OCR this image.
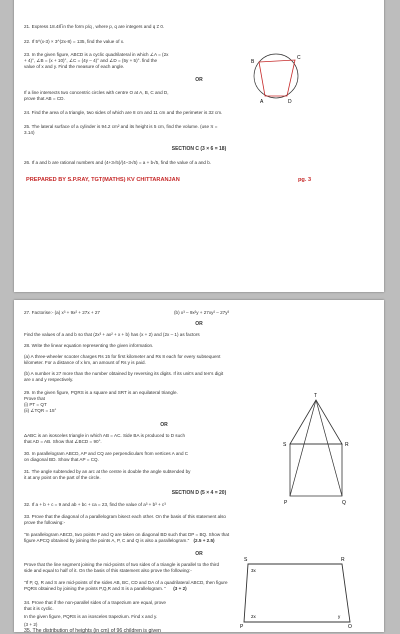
21. Express 18.48̅ in the form p/q , where p, q are integers and q ≠ 0.
22. If 5^(x-3) × 3^(2x-8) = 135, find the value of x.
23. In the given figure, ABCD is a cyclic quadrilateral in which ∠A = (2x
+ 4)°, ∠B = (x + 10)°, ∠C = (4y – 4)° and ∠D = (5y + 5)°. find the
value of x and y. Find the measure of each angle.
OR
If a line intersects two concentric circles with centre O at A, B, C and D,
prove that AB = CD.
24. Find the area of a triangle, two sides of which are 8 cm and 11 cm and the perimeter is 32 cm.
25. The lateral surface of a cylinder is 94.2 cm² and its height is 5 cm, find the volume. (use π =
3.14)
SECTION C (3 × 6 = 18)
26. If a and b are rational numbers and (4+3√5)/(4−3√5) = a + b√5, find the value of a and b.
PREPARED BY S.P.RAY, TGT(MATHS) KV CHITTARANJAN	pg. 3
B
C
A	D
27. Factorise:- (a) x³ + 9x² + 27x + 27	(b) x³ – 9x²y + 27xy² – 27y³
OR
Find the values of a and b so that (2x³ + ax² + x + b) has (x + 2) and (2x – 1) as factors
28. Write the linear equation representing the given information.
(a) A three-wheeler scooter charges Rs 15 for first kilometer and Rs 8 each for every subsequent
kilometer. For a distance of x km, an amount of Rs y is paid.
(b) A number is 27 more than the number obtained by reversing its digits. If its unit's and ten's digit
are x and y respectively.
29. In the given figure, PQRS is a square and SRT is an equilateral triangle.
Prove that
(i) PT = QT
(ii) ∠TQR = 15°
OR
ΔABC is an isosceles triangle in which AB = AC. Side BA is produced to D such
that AD = AB. Show that ∠BCD = 90°.
30. In parallelogram ABCD, AP and CQ are perpendiculars from vertices A and C
on diagonal BD. Show that AP = CQ.
31. The angle subtended by an arc at the centre is double the angle subtended by
it at any point on the part of the circle.
SECTION D (5 × 4 = 20)
32. If a + b + c = 9 and ab + bc + ca = 23, find the value of a³ + b³ + c³
33. Prove that the diagonal of a parallelogram bisect each other. On the basis of this statement also
prove the following:-
"In parallelogram ABCD, two points P and Q are taken on diagonal BD such that DP = BQ. Show that
figure APCQ obtained by joining the points A, P, C and Q is also a parallelogram." (2.5 + 2.5)
OR
Prove that the line segment joining the mid-points of two sides of a triangle is parallel to the third
side and equal to half of it. On the basis of this statement also prove the following:-
"If P, Q, R and S are mid-points of the sides AB, BC, CD and DA of a quadrilateral ABCD, then figure
PQRS obtained by joining the points P,Q,R and S is a parallelogram. " (3 + 2)
34. Prove that if the non-parallel sides of a trapezium are equal, prove
that it is cyclic.
In the given figure, PQRS is an isosceles trapezium. Find x and y.
(3 + 2)
35. The distribution of heights (in cm) of 96 children is given
T
S	R
P	Q
S	R
P	Q
3x
2x	y
